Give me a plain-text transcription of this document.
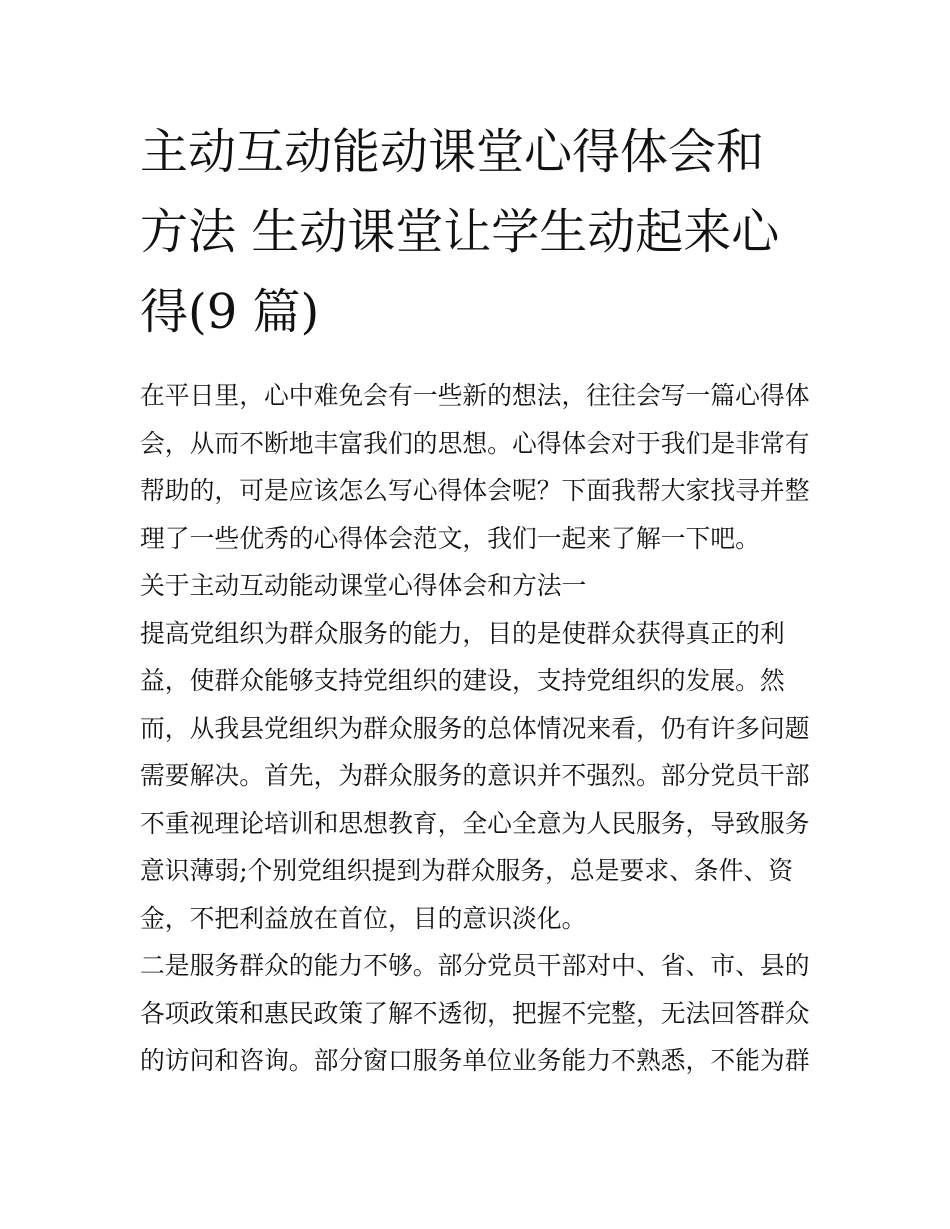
主动互动能动课堂心得体会和
方法 生动课堂让学生动起来心
得(9 篇)

在平日里，心中难免会有一些新的想法，往往会写一篇心得体
会，从而不断地丰富我们的思想。心得体会对于我们是非常有
帮助的，可是应该怎么写心得体会呢？下面我帮大家找寻并整
理了一些优秀的心得体会范文，我们一起来了解一下吧。

关于主动互动能动课堂心得体会和方法一

提高党组织为群众服务的能力，目的是使群众获得真正的利
益，使群众能够支持党组织的建设，支持党组织的发展。然
而，从我县党组织为群众服务的总体情况来看，仍有许多问题
需要解决。首先，为群众服务的意识并不强烈。部分党员干部
不重视理论培训和思想教育，全心全意为人民服务，导致服务
意识薄弱;个别党组织提到为群众服务，总是要求、条件、资
金，不把利益放在首位，目的意识淡化。

二是服务群众的能力不够。部分党员干部对中、省、市、县的
各项政策和惠民政策了解不透彻，把握不完整，无法回答群众
的访问和咨询。部分窗口服务单位业务能力不熟悉，不能为群
